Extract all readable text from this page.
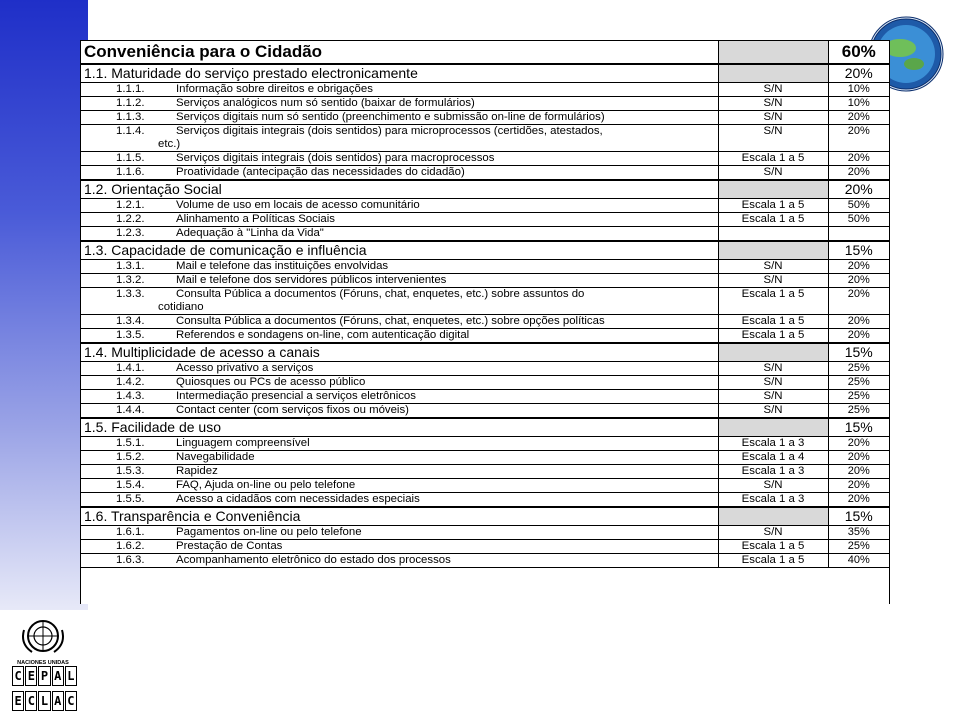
NACIONES UNIDAS
C E P A L
E C L A C
Conveniência para o Cidadão		60%
1.1. Maturidade do serviço prestado electronicamente		20%
1.1.1. Informação sobre direitos e obrigações	S/N	10%
1.1.2. Serviços analógicos num só sentido (baixar de formulários)	S/N	10%
1.1.3. Serviços digitais num só sentido (preenchimento e submissão on-line de formulários)	S/N	20%
1.1.4. Serviços digitais integrais (dois sentidos) para microprocessos (certidões, atestados,
etc.)	S/N	20%
1.1.5. Serviços digitais integrais (dois sentidos) para macroprocessos	Escala 1 a 5	20%
1.1.6. Proatividade (antecipação das necessidades do cidadão)	S/N	20%
1.2. Orientação Social		20%
1.2.1. Volume de uso em locais de acesso comunitário	Escala 1 a 5	50%
1.2.2. Alinhamento a Políticas Sociais	Escala 1 a 5	50%
1.2.3. Adequação à "Linha da Vida"		
1.3. Capacidade de comunicação e influência		15%
1.3.1. Mail e telefone das instituições envolvidas	S/N	20%
1.3.2. Mail e telefone dos servidores públicos intervenientes	S/N	20%
1.3.3. Consulta Pública a documentos (Fóruns, chat, enquetes, etc.) sobre assuntos do
cotidiano	Escala 1 a 5	20%
1.3.4. Consulta Pública a documentos (Fóruns, chat, enquetes, etc.) sobre opções políticas	Escala 1 a 5	20%
1.3.5. Referendos e sondagens on-line, com autenticação digital	Escala 1 a 5	20%
1.4. Multiplicidade de acesso a canais		15%
1.4.1. Acesso privativo a serviços	S/N	25%
1.4.2. Quiosques ou PCs de acesso público	S/N	25%
1.4.3. Intermediação presencial a serviços eletrônicos	S/N	25%
1.4.4. Contact center (com serviços fixos ou móveis)	S/N	25%
1.5. Facilidade de uso		15%
1.5.1. Linguagem compreensível	Escala 1 a 3	20%
1.5.2. Navegabilidade	Escala 1 a 4	20%
1.5.3. Rapidez	Escala 1 a 3	20%
1.5.4. FAQ, Ajuda on-line ou pelo telefone	S/N	20%
1.5.5. Acesso a cidadãos com necessidades especiais	Escala 1 a 3	20%
1.6. Transparência e Conveniência		15%
1.6.1. Pagamentos on-line ou pelo telefone	S/N	35%
1.6.2. Prestação de Contas	Escala 1 a 5	25%
1.6.3. Acompanhamento eletrônico do estado dos processos	Escala 1 a 5	40%
